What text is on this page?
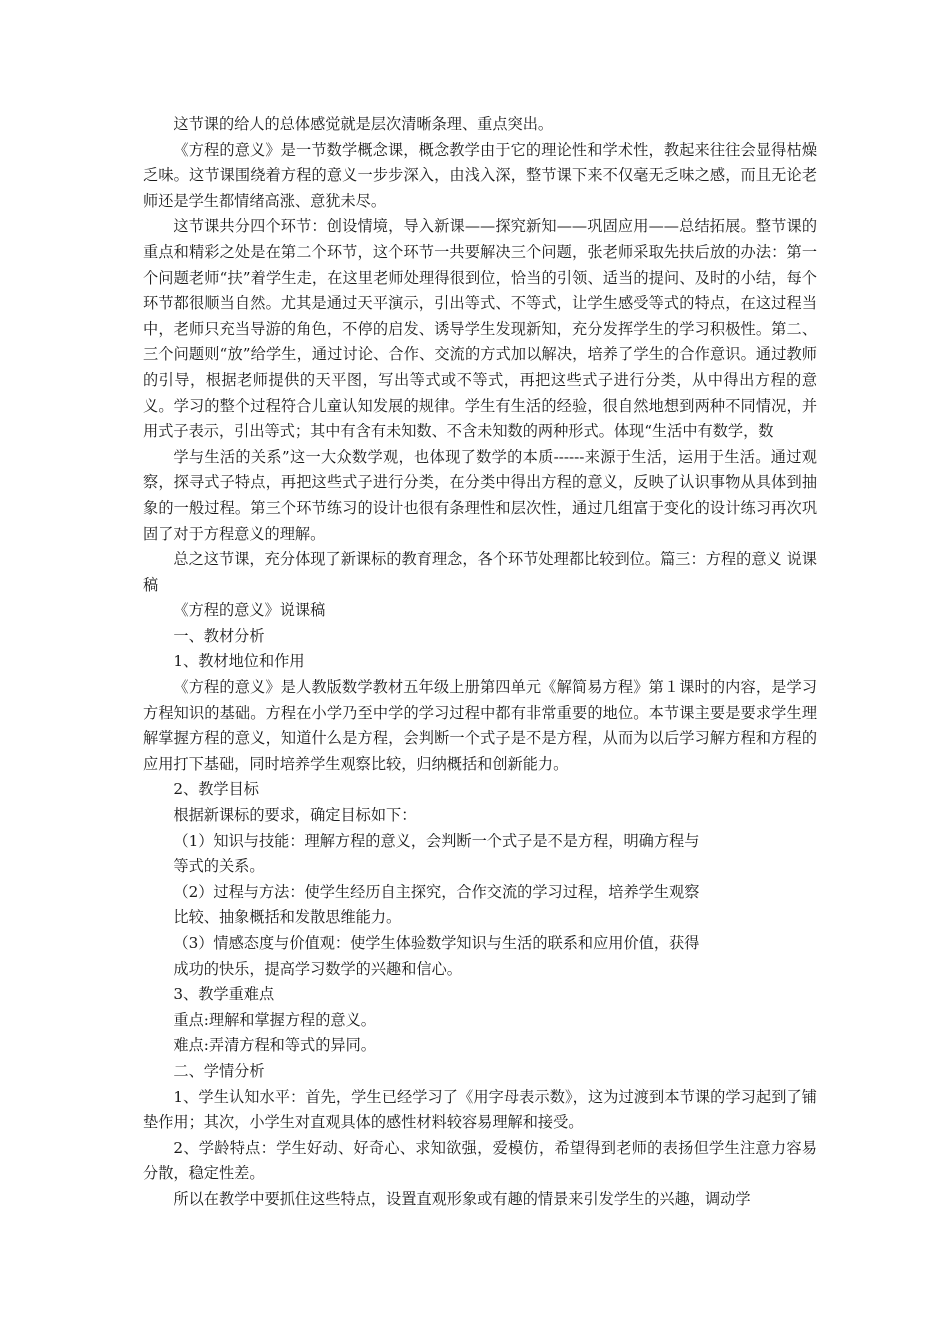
这节课的给人的总体感觉就是层次清晰条理、重点突出。

《方程的意义》是一节数学概念课，概念教学由于它的理论性和学术性，教起来往往会显得枯燥乏味。这节课围绕着方程的意义一步步深入，由浅入深，整节课下来不仅毫无乏味之感，而且无论老师还是学生都情绪高涨、意犹未尽。

这节课共分四个环节：创设情境，导入新课——探究新知——巩固应用——总结拓展。整节课的重点和精彩之处是在第二个环节，这个环节一共要解决三个问题，张老师采取先扶后放的办法：第一个问题老师“扶”着学生走，在这里老师处理得很到位，恰当的引领、适当的提问、及时的小结，每个环节都很顺当自然。尤其是通过天平演示，引出等式、不等式，让学生感受等式的特点，在这过程当中，老师只充当导游的角色，不停的启发、诱导学生发现新知，充分发挥学生的学习积极性。第二、三个问题则“放”给学生，通过讨论、合作、交流的方式加以解决，培养了学生的合作意识。通过教师的引导，根据老师提供的天平图，写出等式或不等式，再把这些式子进行分类，从中得出方程的意义。学习的整个过程符合儿童认知发展的规律。学生有生活的经验，很自然地想到两种不同情况，并用式子表示，引出等式；其中有含有未知数、不含未知数的两种形式。体现“生活中有数学，数

学与生活的关系”这一大众数学观，也体现了数学的本质------来源于生活，运用于生活。通过观察，探寻式子特点，再把这些式子进行分类，在分类中得出方程的意义，反映了认识事物从具体到抽象的一般过程。第三个环节练习的设计也很有条理性和层次性，通过几组富于变化的设计练习再次巩固了对于方程意义的理解。

总之这节课，充分体现了新课标的教育理念，各个环节处理都比较到位。篇三：方程的意义 说课稿

《方程的意义》说课稿

一、教材分析

1、教材地位和作用

《方程的意义》是人教版数学教材五年级上册第四单元《解简易方程》第１课时的内容，是学习方程知识的基础。方程在小学乃至中学的学习过程中都有非常重要的地位。本节课主要是要求学生理解掌握方程的意义，知道什么是方程，会判断一个式子是不是方程，从而为以后学习解方程和方程的应用打下基础，同时培养学生观察比较，归纳概括和创新能力。

2、教学目标

根据新课标的要求，确定目标如下：

（1）知识与技能：理解方程的意义，会判断一个式子是不是方程，明确方程与

等式的关系。

（2）过程与方法：使学生经历自主探究，合作交流的学习过程，培养学生观察

比较、抽象概括和发散思维能力。

（3）情感态度与价值观：使学生体验数学知识与生活的联系和应用价值，获得

成功的快乐，提高学习数学的兴趣和信心。

3、教学重难点

重点:理解和掌握方程的意义。

难点:弄清方程和等式的异同。

二、学情分析

1、学生认知水平：首先，学生已经学习了《用字母表示数》，这为过渡到本节课的学习起到了铺垫作用；其次，小学生对直观具体的感性材料较容易理解和接受。

2、学龄特点：学生好动、好奇心、求知欲强，爱模仿，希望得到老师的表扬但学生注意力容易分散，稳定性差。

所以在教学中要抓住这些特点，设置直观形象或有趣的情景来引发学生的兴趣，调动学
